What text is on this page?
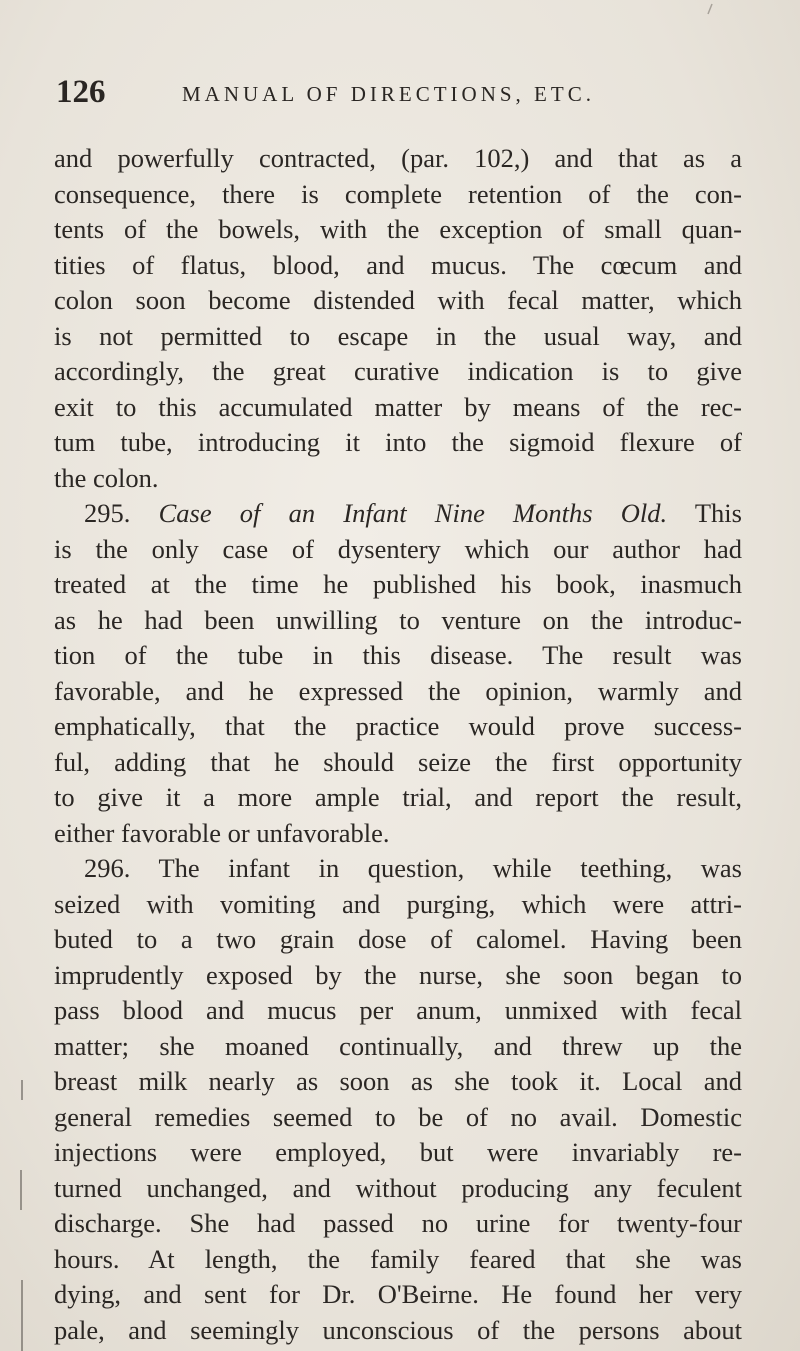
126	MANUAL OF DIRECTIONS, ETC.
and powerfully contracted, (par. 102,) and that as a
consequence, there is complete retention of the con-
tents of the bowels, with the exception of small quan-
tities of flatus, blood, and mucus. The cœcum and
colon soon become distended with fecal matter, which
is not permitted to escape in the usual way, and
accordingly, the great curative indication is to give
exit to this accumulated matter by means of the rec-
tum tube, introducing it into the sigmoid flexure of
the colon.
295. Case of an Infant Nine Months Old. This
is the only case of dysentery which our author had
treated at the time he published his book, inasmuch
as he had been unwilling to venture on the introduc-
tion of the tube in this disease. The result was
favorable, and he expressed the opinion, warmly and
emphatically, that the practice would prove success-
ful, adding that he should seize the first opportunity
to give it a more ample trial, and report the result,
either favorable or unfavorable.
296. The infant in question, while teething, was
seized with vomiting and purging, which were attri-
buted to a two grain dose of calomel. Having been
imprudently exposed by the nurse, she soon began to
pass blood and mucus per anum, unmixed with fecal
matter; she moaned continually, and threw up the
breast milk nearly as soon as she took it. Local and
general remedies seemed to be of no avail. Domestic
injections were employed, but were invariably re-
turned unchanged, and without producing any feculent
discharge. She had passed no urine for twenty-four
hours. At length, the family feared that she was
dying, and sent for Dr. O'Beirne. He found her very
pale, and seemingly unconscious of the persons about
